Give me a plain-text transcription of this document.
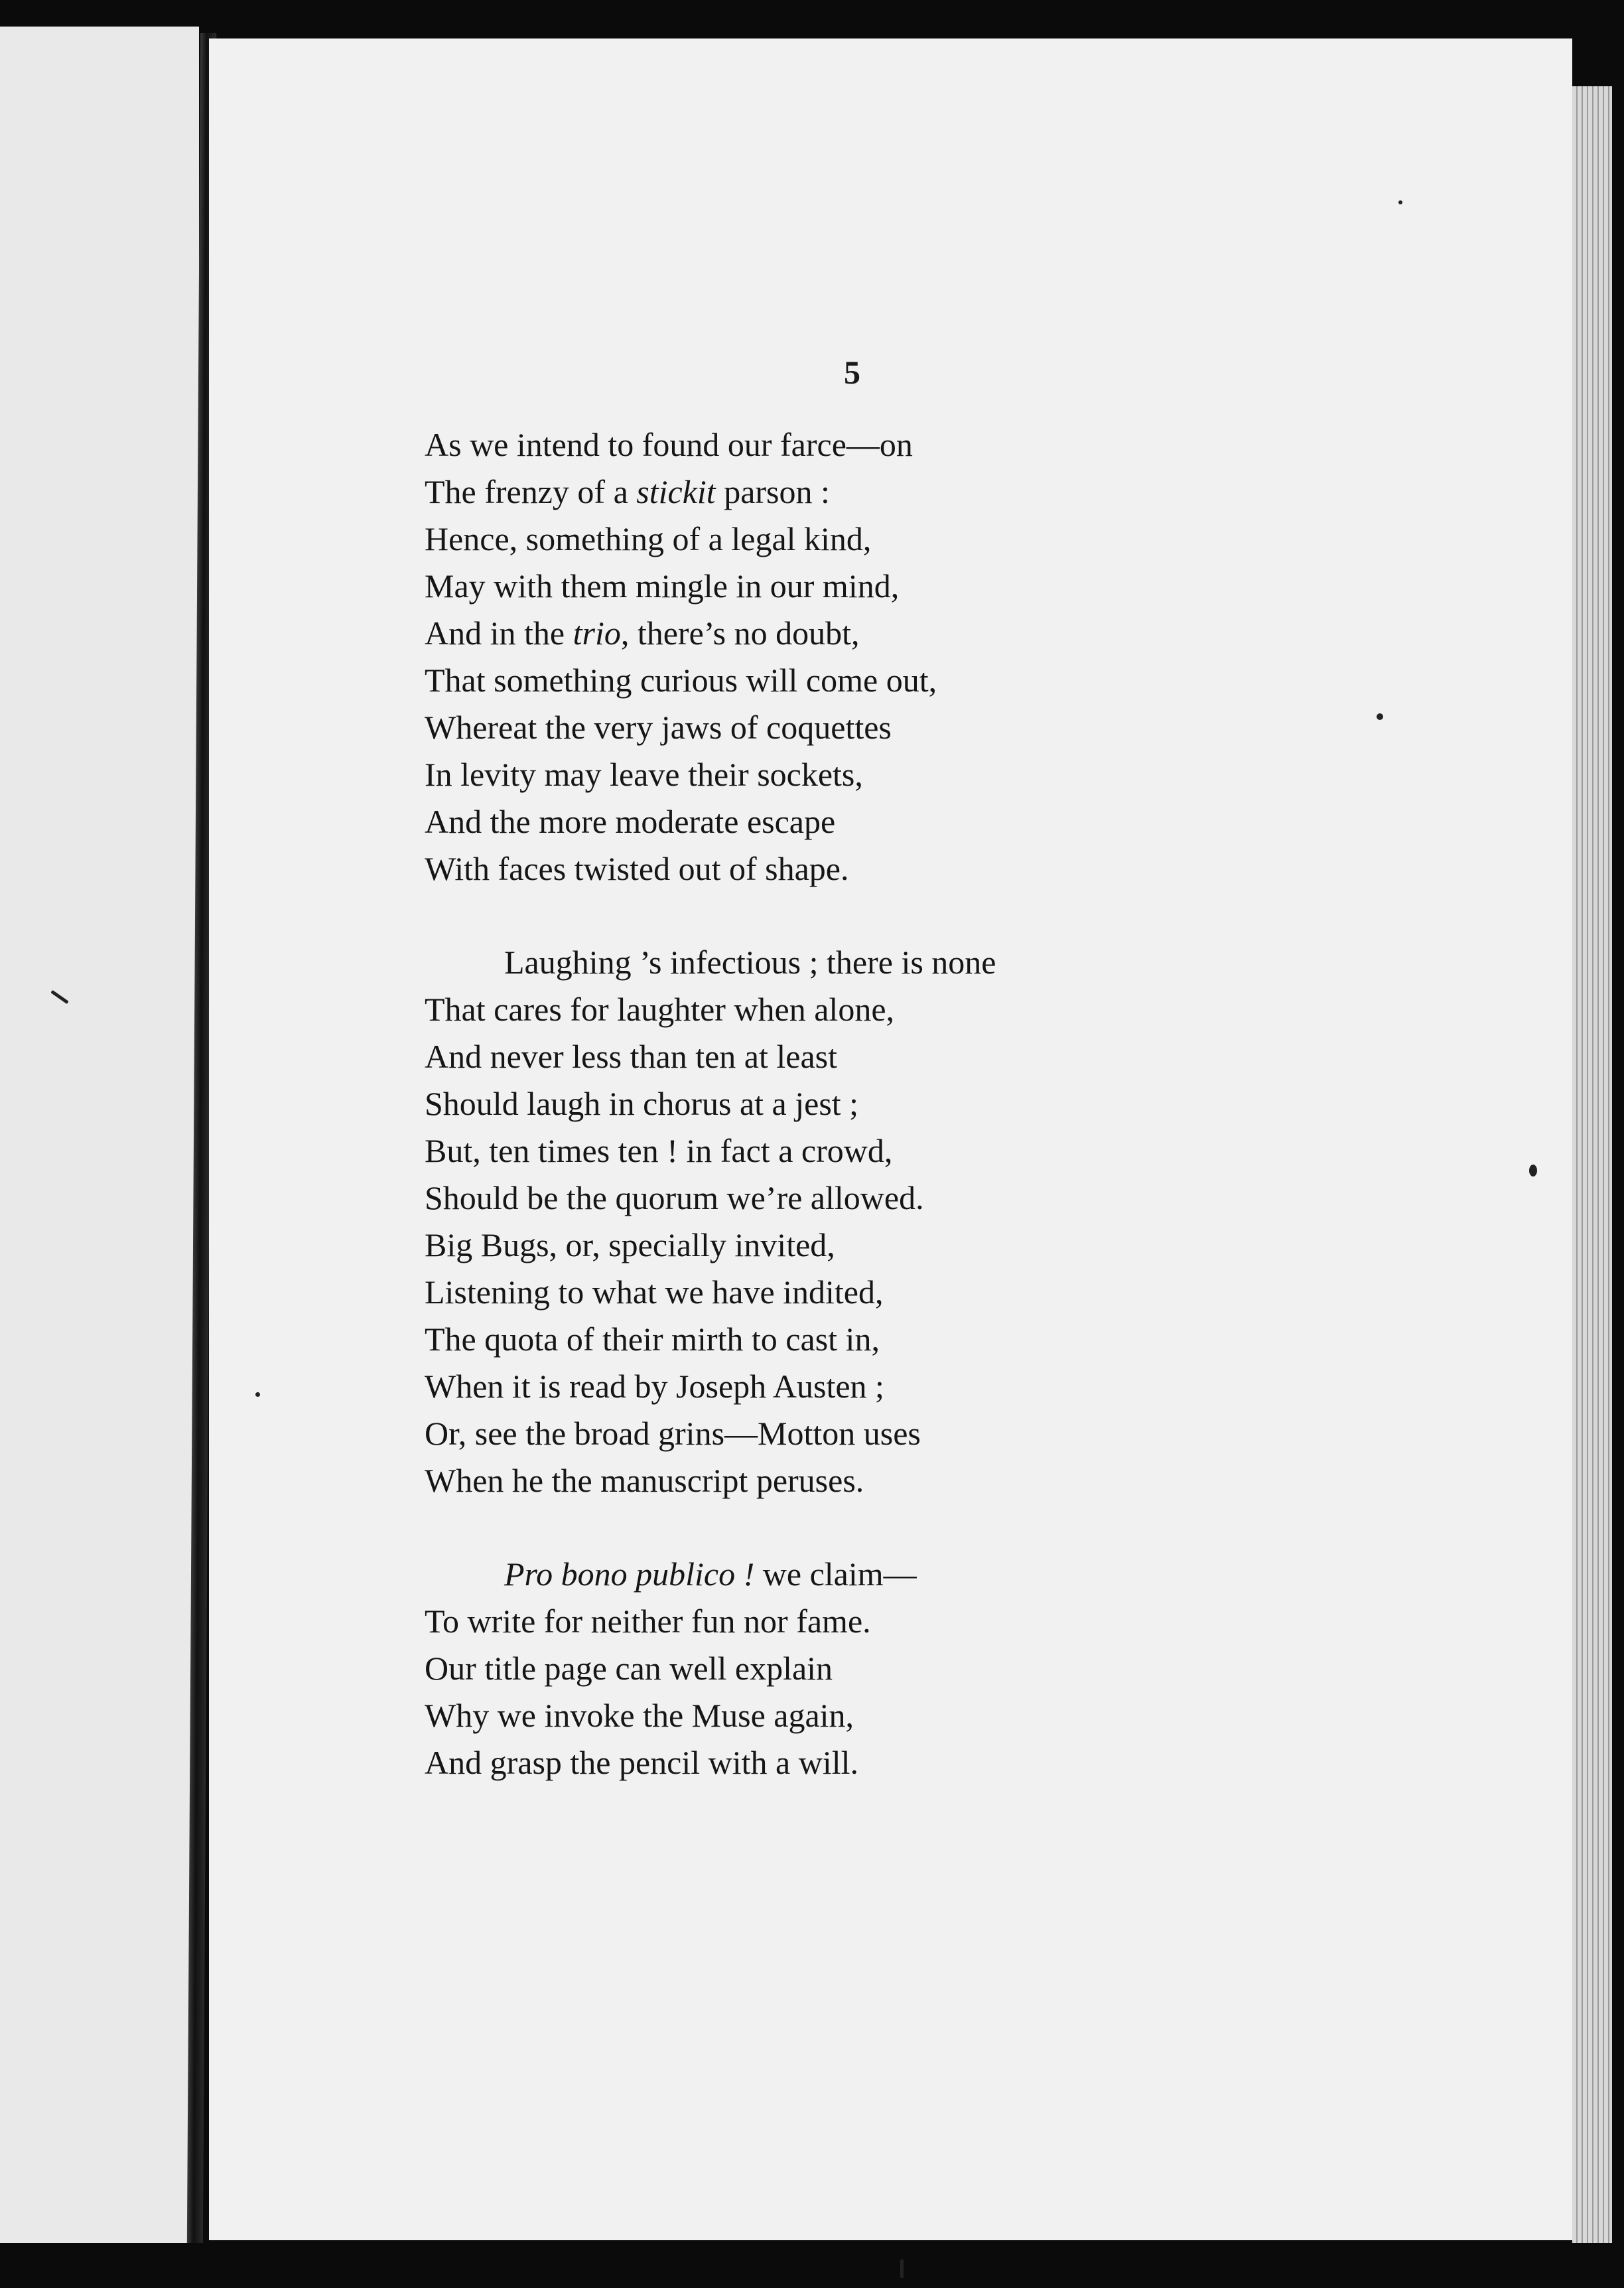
5
As we intend to found our farce—on
The frenzy of a stickit parson :
Hence, something of a legal kind,
May with them mingle in our mind,
And in the trio, there’s no doubt,
That something curious will come out,
Whereat the very jaws of coquettes
In levity may leave their sockets,
And the more moderate escape
With faces twisted out of shape.
Laughing ’s infectious ; there is none
That cares for laughter when alone,
And never less than ten at least
Should laugh in chorus at a jest ;
But, ten times ten ! in fact a crowd,
Should be the quorum we’re allowed.
Big Bugs, or, specially invited,
Listening to what we have indited,
The quota of their mirth to cast in,
When it is read by Joseph Austen ;
Or, see the broad grins—Motton uses
When he the manuscript peruses.
Pro bono publico ! we claim—
To write for neither fun nor fame.
Our title page can well explain
Why we invoke the Muse again,
And grasp the pencil with a will.
